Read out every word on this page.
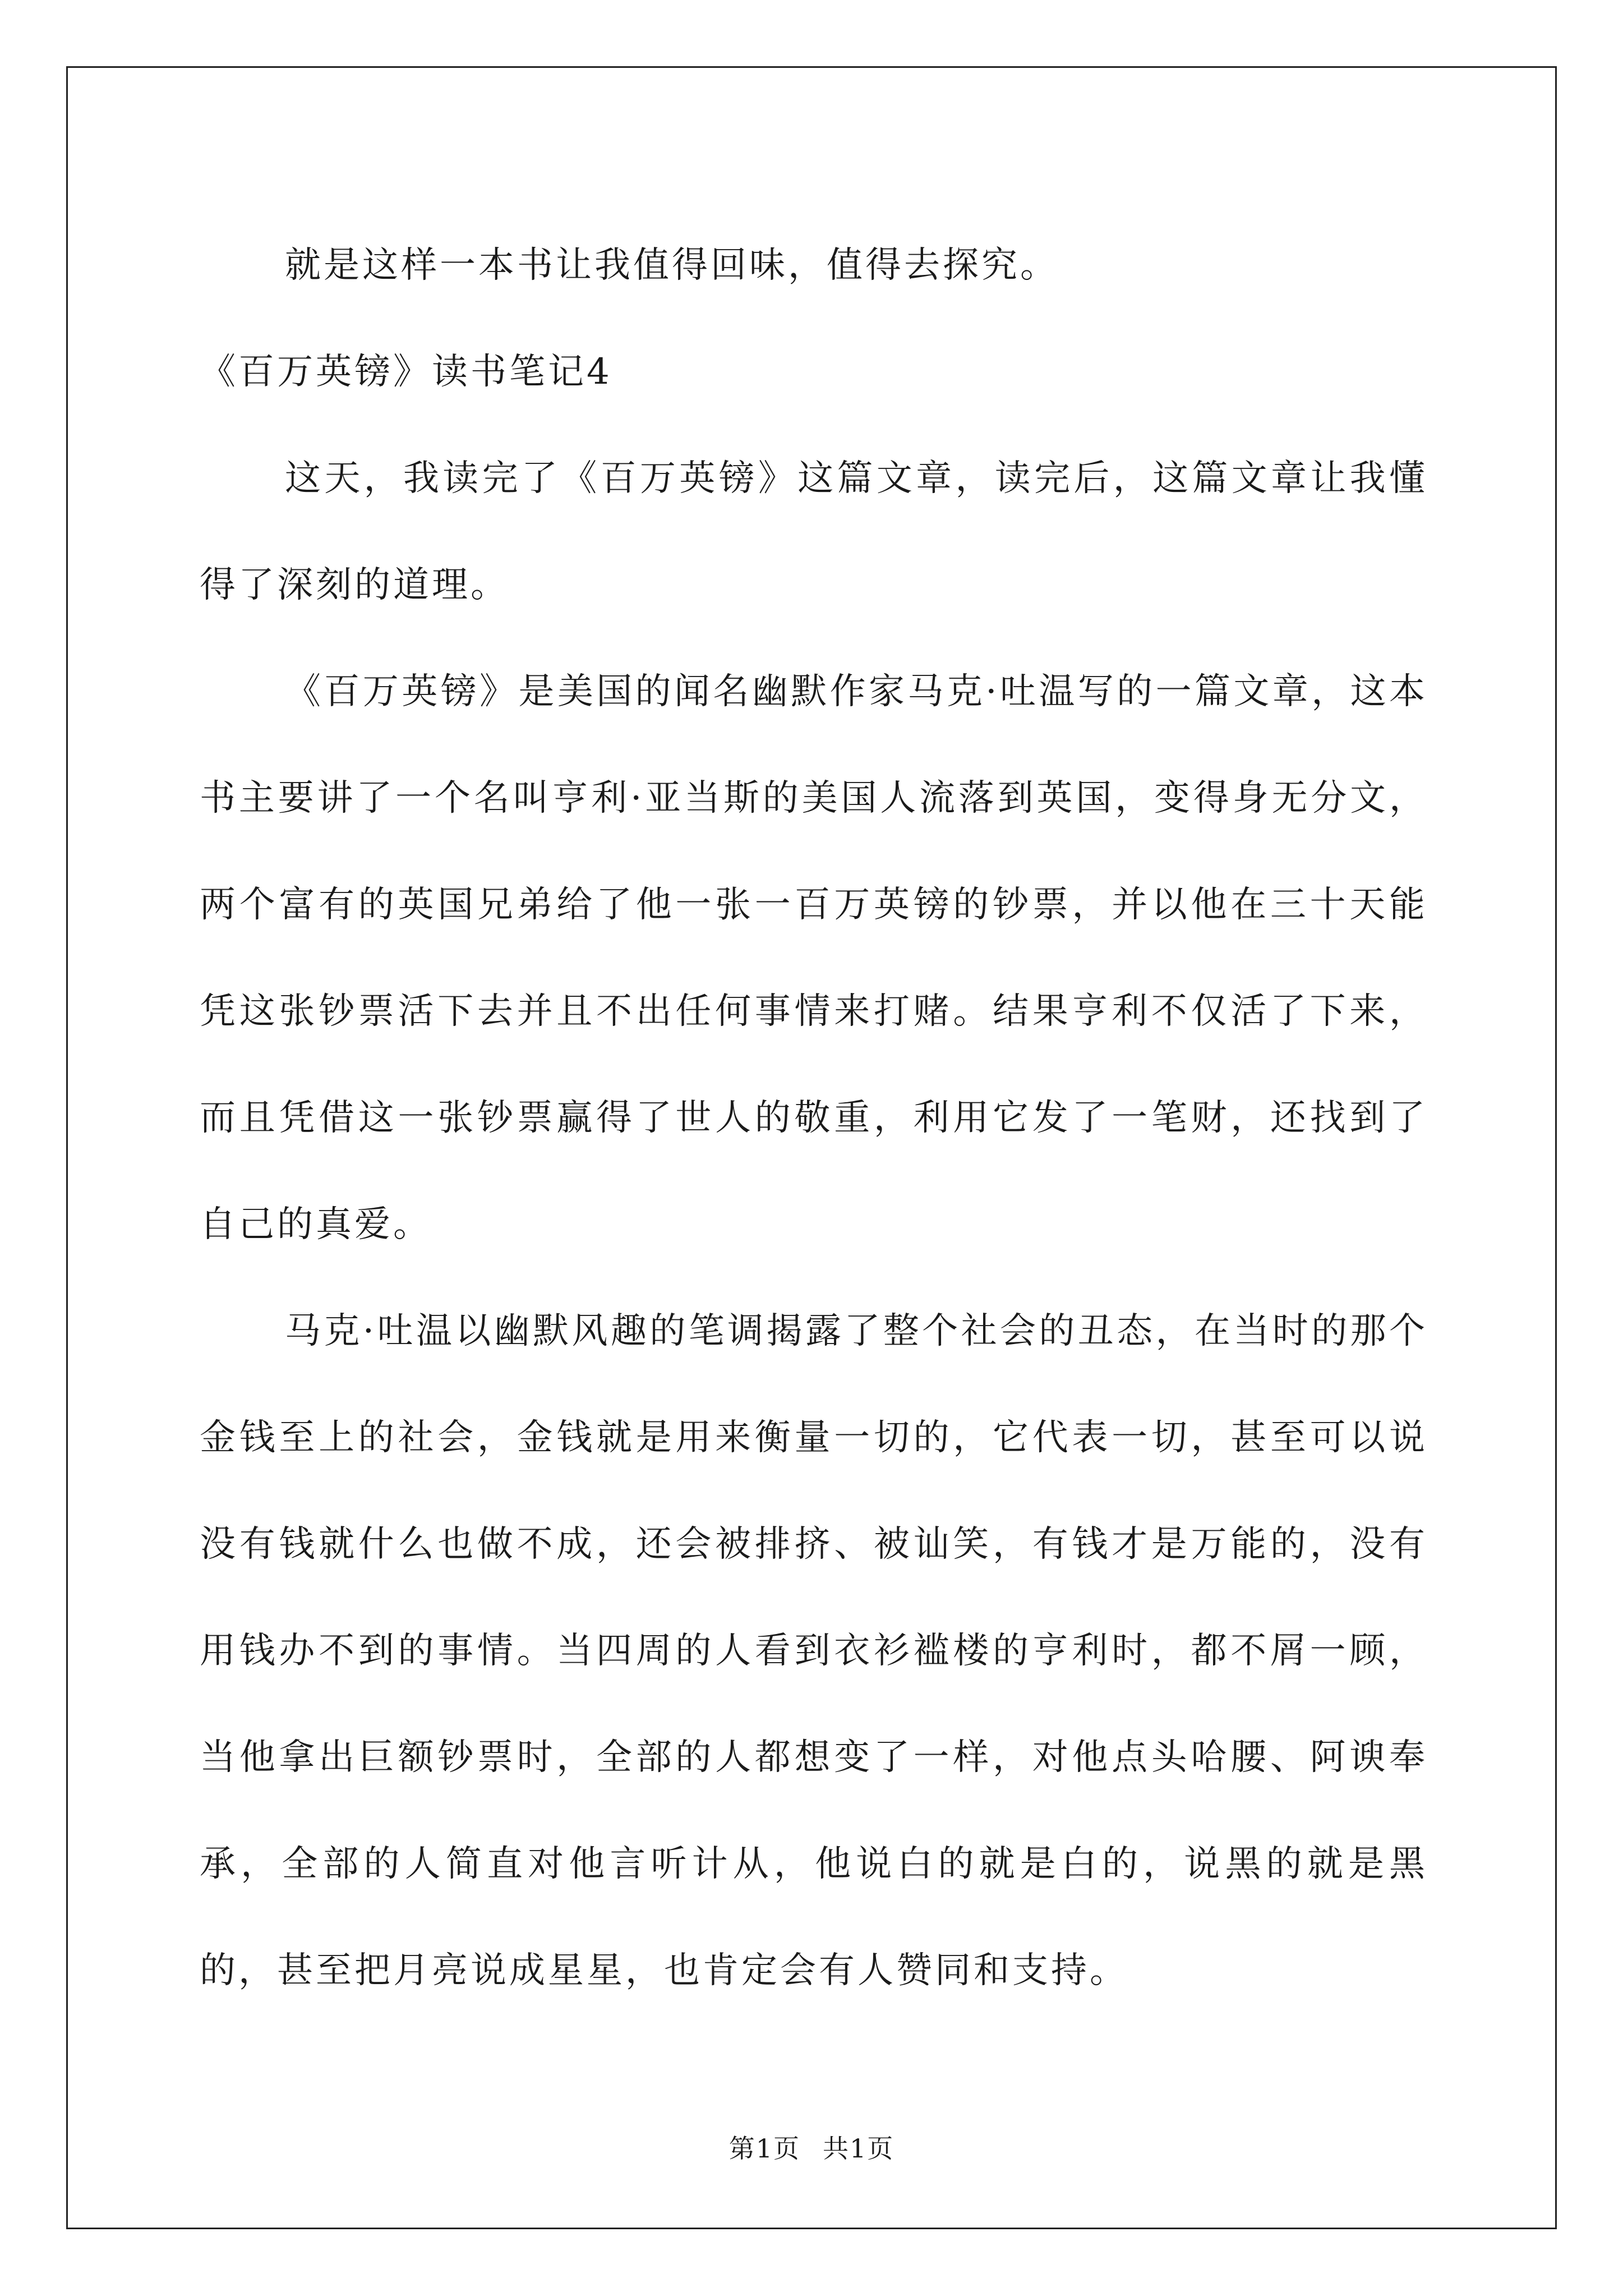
就是这样一本书让我值得回味，值得去探究。

《百万英镑》读书笔记4

这天，我读完了《百万英镑》这篇文章，读完后，这篇文章让我懂得了深刻的道理。

《百万英镑》是美国的闻名幽默作家马克·吐温写的一篇文章，这本书主要讲了一个名叫亨利·亚当斯的美国人流落到英国，变得身无分文，两个富有的英国兄弟给了他一张一百万英镑的钞票，并以他在三十天能凭这张钞票活下去并且不出任何事情来打赌。结果亨利不仅活了下来，而且凭借这一张钞票赢得了世人的敬重，利用它发了一笔财，还找到了自己的真爱。

马克·吐温以幽默风趣的笔调揭露了整个社会的丑态，在当时的那个金钱至上的社会，金钱就是用来衡量一切的，它代表一切，甚至可以说没有钱就什么也做不成，还会被排挤、被讪笑，有钱才是万能的，没有用钱办不到的事情。当四周的人看到衣衫褴楼的亨利时，都不屑一顾，当他拿出巨额钞票时，全部的人都想变了一样，对他点头哈腰、阿谀奉承，全部的人简直对他言听计从，他说白的就是白的，说黑的就是黑的，甚至把月亮说成星星，也肯定会有人赞同和支持。

第1页 共1页
